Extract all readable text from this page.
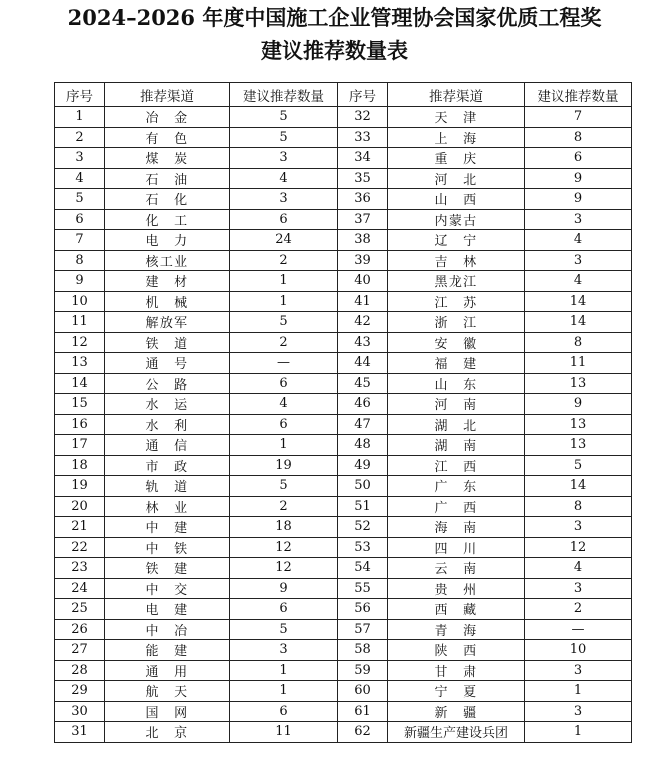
2024–2026 年度中国施工企业管理协会国家优质工程奖
建议推荐数量表
序号	推荐渠道	建议推荐数量	序号	推荐渠道	建议推荐数量
1	冶　金	5	32	天　津	7
2	有　色	5	33	上　海	8
3	煤　炭	3	34	重　庆	6
4	石　油	4	35	河　北	9
5	石　化	3	36	山　西	9
6	化　工	6	37	内蒙古	3
7	电　力	24	38	辽　宁	4
8	核工业	2	39	吉　林	3
9	建　材	1	40	黑龙江	4
10	机　械	1	41	江　苏	14
11	解放军	5	42	浙　江	14
12	铁　道	2	43	安　徽	8
13	通　号	—	44	福　建	11
14	公　路	6	45	山　东	13
15	水　运	4	46	河　南	9
16	水　利	6	47	湖　北	13
17	通　信	1	48	湖　南	13
18	市　政	19	49	江　西	5
19	轨　道	5	50	广　东	14
20	林　业	2	51	广　西	8
21	中　建	18	52	海　南	3
22	中　铁	12	53	四　川	12
23	铁　建	12	54	云　南	4
24	中　交	9	55	贵　州	3
25	电　建	6	56	西　藏	2
26	中　冶	5	57	青　海	—
27	能　建	3	58	陕　西	10
28	通　用	1	59	甘　肃	3
29	航　天	1	60	宁　夏	1
30	国　网	6	61	新　疆	3
31	北　京	11	62	新疆生产建设兵团	1
